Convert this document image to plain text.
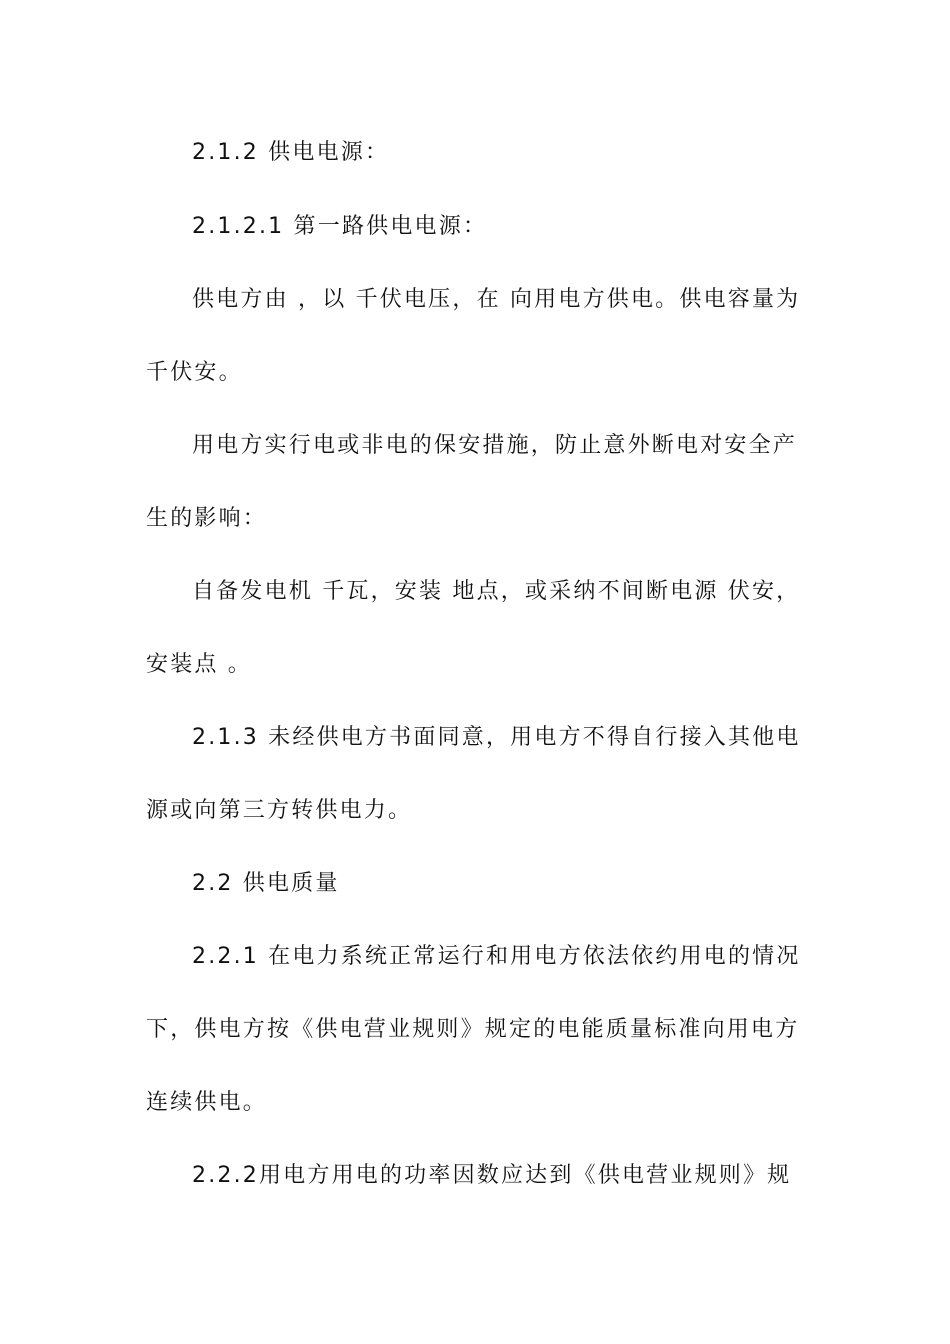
2.1.2 供电电源：
2.1.2.1 第一路供电电源：
供电方由 ，以 千伏电压，在 向用电方供电。供电容量为
千伏安。
用电方实行电或非电的保安措施，防止意外断电对安全产
生的影响：
自备发电机 千瓦，安装 地点，或采纳不间断电源 伏安，
安装点 。
2.1.3 未经供电方书面同意，用电方不得自行接入其他电
源或向第三方转供电力。
2.2 供电质量
2.2.1 在电力系统正常运行和用电方依法依约用电的情况
下，供电方按《供电营业规则》规定的电能质量标准向用电方
连续供电。
2.2.2用电方用电的功率因数应达到《供电营业规则》规
